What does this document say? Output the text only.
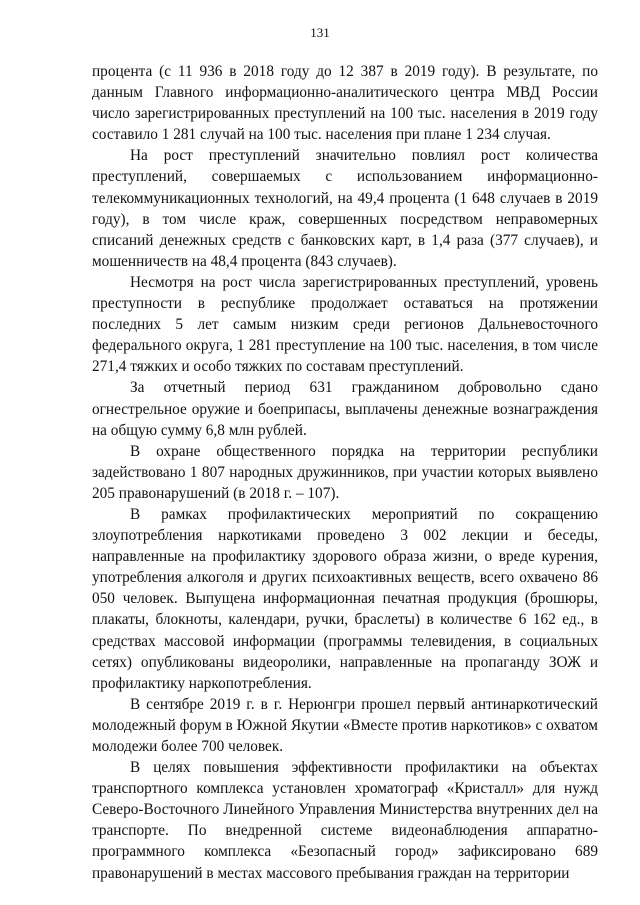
131

процента (с 11 936 в 2018 году до 12 387 в 2019 году). В результате, по данным Главного информационно-аналитического центра МВД России число зарегистрированных преступлений на 100 тыс. населения в 2019 году составило 1 281 случай на 100 тыс. населения при плане 1 234 случая.

На рост преступлений значительно повлиял рост количества преступлений, совершаемых с использованием информационно-телекоммуникационных технологий, на 49,4 процента (1 648 случаев в 2019 году), в том числе краж, совершенных посредством неправомерных списаний денежных средств с банковских карт, в 1,4 раза (377 случаев), и мошенничеств на 48,4 процента (843 случаев).

Несмотря на рост числа зарегистрированных преступлений, уровень преступности в республике продолжает оставаться на протяжении последних 5 лет самым низким среди регионов Дальневосточного федерального округа, 1 281 преступление на 100 тыс. населения, в том числе 271,4 тяжких и особо тяжких по составам преступлений.

За отчетный период 631 гражданином добровольно сдано огнестрельное оружие и боеприпасы, выплачены денежные вознаграждения на общую сумму 6,8 млн рублей.

В охране общественного порядка на территории республики задействовано 1 807 народных дружинников, при участии которых выявлено 205 правонарушений (в 2018 г. – 107).

В рамках профилактических мероприятий по сокращению злоупотребления наркотиками проведено 3 002 лекции и беседы, направленные на профилактику здорового образа жизни, о вреде курения, употребления алкоголя и других психоактивных веществ, всего охвачено 86 050 человек. Выпущена информационная печатная продукция (брошюры, плакаты, блокноты, календари, ручки, браслеты) в количестве 6 162 ед., в средствах массовой информации (программы телевидения, в социальных сетях) опубликованы видеоролики, направленные на пропаганду ЗОЖ и профилактику наркопотребления.

В сентябре 2019 г. в г. Нерюнгри прошел первый антинаркотический молодежный форум в Южной Якутии «Вместе против наркотиков» с охватом молодежи более 700 человек.

В целях повышения эффективности профилактики на объектах транспортного комплекса установлен хроматограф «Кристалл» для нужд Северо-Восточного Линейного Управления Министерства внутренних дел на транспорте. По внедренной системе видеонаблюдения аппаратно-программного комплекса «Безопасный город» зафиксировано 689 правонарушений в местах массового пребывания граждан на территории
